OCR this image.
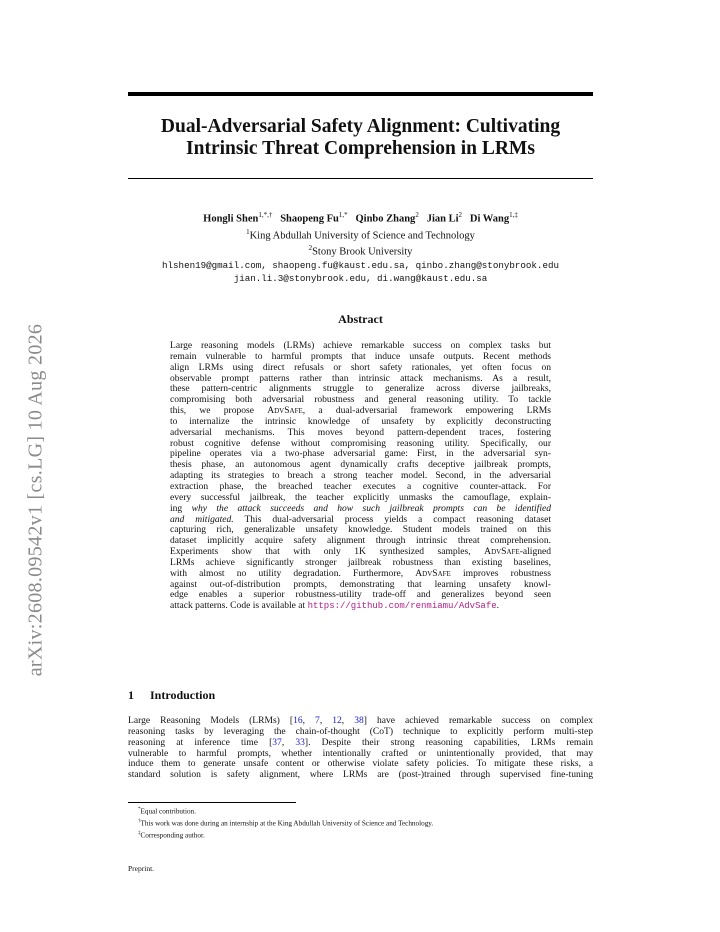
arXiv:2608.09542v1 [cs.LG] 10 Aug 2026
Dual-Adversarial Safety Alignment: Cultivating
Intrinsic Threat Comprehension in LRMs
Hongli Shen$^{1,*,\dagger}$ Shaopeng $Fu^{1,*}$ Qinbo Zhang$^2$ Jian Li$^2$ Di Wang$^{1,\ddagger}$
$^1$King Abdullah University of Science and Technology
$^2$Stony Brook University
hlshen19@gmail.com, shaopeng.fu@kaust.edu.sa, qinbo.zhang@stonybrook.edu
jian.li.3@stonybrook.edu, di.wang@kaust.edu.sa
Abstract
Large reasoning models (LRMs) achieve remarkable success on complex tasks but
remain vulnerable to harmful prompts that induce unsafe outputs. Recent methods
align LRMs using direct refusals or short safety rationales, yet often focus on
observable prompt patterns rather than intrinsic attack mechanisms. As a result,
these pattern-centric alignments struggle to generalize across diverse jailbreaks,
compromising both adversarial robustness and general reasoning utility. To tackle
this, we propose AdvSafe, a dual-adversarial framework empowering LRMs
to internalize the intrinsic knowledge of unsafety by explicitly deconstructing
adversarial mechanisms. This moves beyond pattern-dependent traces, fostering
robust cognitive defense without compromising reasoning utility. Specifically, our
pipeline operates via a two-phase adversarial game: First, in the adversarial syn-
thesis phase, an autonomous agent dynamically crafts deceptive jailbreak prompts,
adapting its strategies to breach a strong teacher model. Second, in the adversarial
extraction phase, the breached teacher executes a cognitive counter-attack. For
every successful jailbreak, the teacher explicitly unmasks the camouflage, explain-
ing why the attack succeeds and how such jailbreak prompts can be identified
and mitigated. This dual-adversarial process yields a compact reasoning dataset
capturing rich, generalizable unsafety knowledge. Student models trained on this
dataset implicitly acquire safety alignment through intrinsic threat comprehension.
Experiments show that with only 1K synthesized samples, AdvSafe-aligned
LRMs achieve significantly stronger jailbreak robustness than existing baselines,
with almost no utility degradation. Furthermore, AdvSafe improves robustness
against out-of-distribution prompts, demonstrating that learning unsafety knowl-
edge enables a superior robustness-utility trade-off and generalizes beyond seen
attack patterns. Code is available at https://github.com/renmiamu/AdvSafe.
1 Introduction
Large Reasoning Models (LRMs) [16, 7, 12, 38] have achieved remarkable success on complex
reasoning tasks by leveraging the chain-of-thought (CoT) technique to explicitly perform multi-step
reasoning at inference time [37, 33]. Despite their strong reasoning capabilities, LRMs remain
vulnerable to harmful prompts, whether intentionally crafted or unintentionally provided, that may
induce them to generate unsafe content or otherwise violate safety policies. To mitigate these risks, a
standard solution is safety alignment, where LRMs are (post-)trained through supervised fine-tuning
*Equal contribution.
†This work was done during an internship at the King Abdullah University of Science and Technology.
‡Corresponding author.
Preprint.
